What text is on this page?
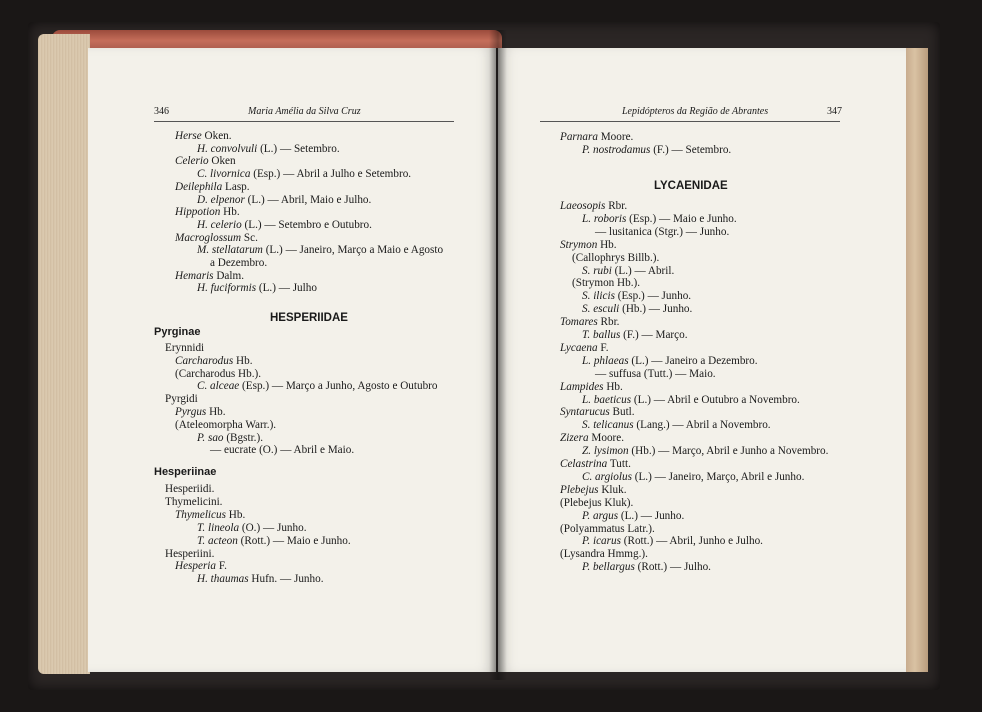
346	Maria Amélia da Silva Cruz
Herse Oken.
H. convolvuli (L.) — Setembro.
Celerio Oken
C. livornica (Esp.) — Abril a Julho e Setembro.
Deilephila Lasp.
D. elpenor (L.) — Abril, Maio e Julho.
Hippotion Hb.
H. celerio (L.) — Setembro e Outubro.
Macroglossum Sc.
M. stellatarum (L.) — Janeiro, Março a Maio e Agosto
a Dezembro.
Hemaris Dalm.
H. fuciformis (L.) — Julho
HESPERIIDAE
Pyrginae
Erynnidi
Carcharodus Hb.
(Carcharodus Hb.).
C. alceae (Esp.) — Março a Junho, Agosto e Outubro
Pyrgidi
Pyrgus Hb.
(Ateleomorpha Warr.).
P. sao (Bgstr.).
— eucrate (O.) — Abril e Maio.
Hesperiinae
Hesperiidi.
Thymelicini.
Thymelicus Hb.
T. lineola (O.) — Junho.
T. acteon (Rott.) — Maio e Junho.
Hesperiini.
Hesperia F.
H. thaumas Hufn. — Junho.
Lepidópteros da Região de Abrantes	347
Parnara Moore.
P. nostrodamus (F.) — Setembro.
LYCAENIDAE
Laeosopis Rbr.
L. roboris (Esp.) — Maio e Junho.
— lusitanica (Stgr.) — Junho.
Strymon Hb.
(Callophrys Billb.).
S. rubi (L.) — Abril.
(Strymon Hb.).
S. ilicis (Esp.) — Junho.
S. esculi (Hb.) — Junho.
Tomares Rbr.
T. ballus (F.) — Março.
Lycaena F.
L. phlaeas (L.) — Janeiro a Dezembro.
— suffusa (Tutt.) — Maio.
Lampides Hb.
L. baeticus (L.) — Abril e Outubro a Novembro.
Syntarucus Butl.
S. telicanus (Lang.) — Abril a Novembro.
Zizera Moore.
Z. lysimon (Hb.) — Março, Abril e Junho a Novembro.
Celastrina Tutt.
C. argiolus (L.) — Janeiro, Março, Abril e Junho.
Plebejus Kluk.
(Plebejus Kluk).
P. argus (L.) — Junho.
(Polyammatus Latr.).
P. icarus (Rott.) — Abril, Junho e Julho.
(Lysandra Hmmg.).
P. bellargus (Rott.) — Julho.
